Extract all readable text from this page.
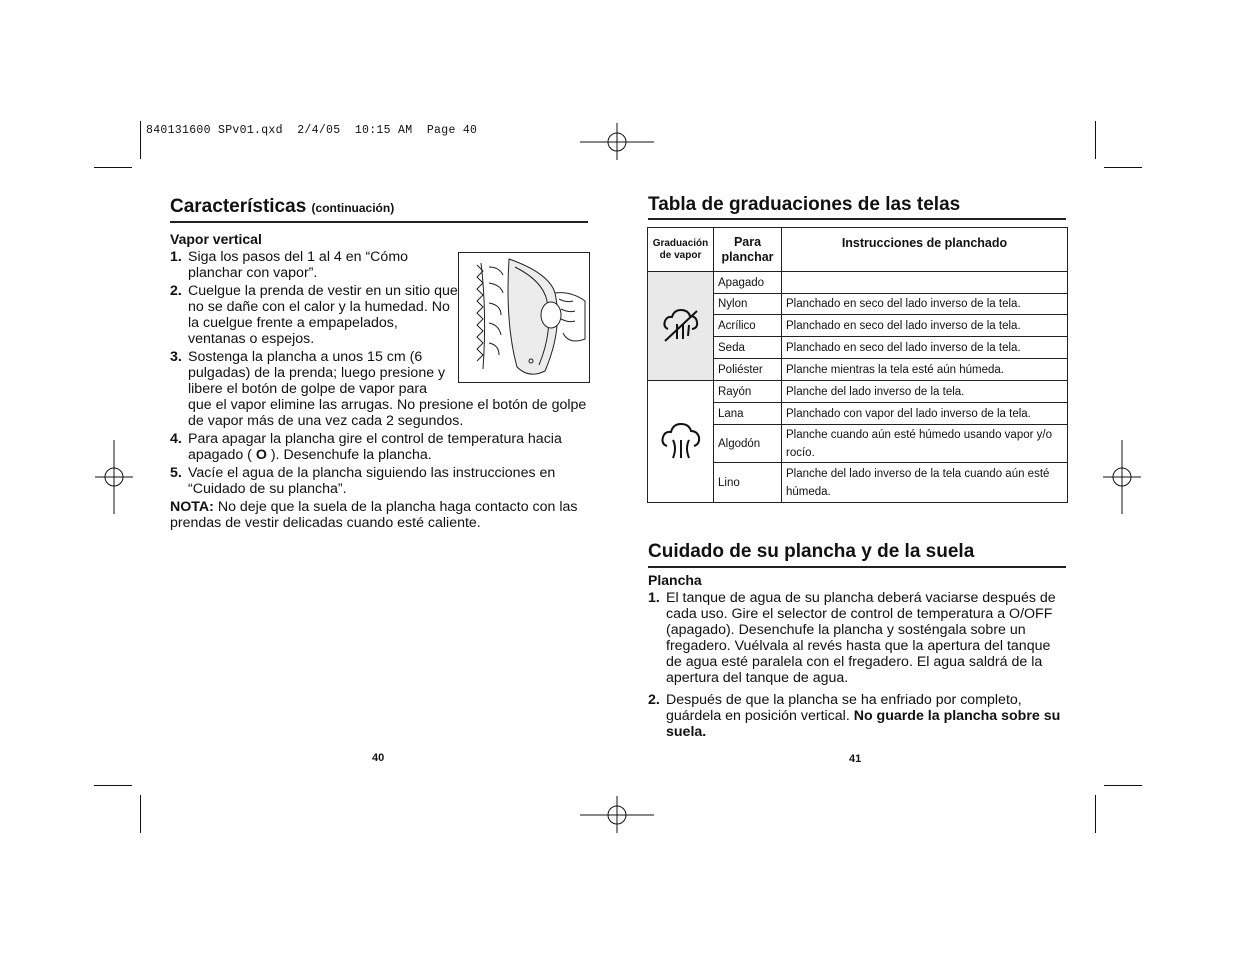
840131600 SPv01.qxd  2/4/05  10:15 AM  Page 40
Características (continuación)
Vapor vertical
1. Siga los pasos del 1 al 4 en “Cómo planchar con vapor”.
2. Cuelgue la prenda de vestir en un sitio que no se dañe con el calor y la humedad. No la cuelgue frente a empapelados, ventanas o espejos.
3. Sostenga la plancha a unos 15 cm (6 pulgadas) de la prenda; luego presione y libere el botón de golpe de vapor para
que el vapor elimine las arrugas. No presione el botón de golpe de vapor más de una vez cada 2 segundos.
4. Para apagar la plancha gire el control de temperatura hacia apagado ( O ). Desenchufe la plancha.
5. Vacíe el agua de la plancha siguiendo las instrucciones en “Cuidado de su plancha”.
NOTA: No deje que la suela de la plancha haga contacto con las prendas de vestir delicadas cuando esté caliente.
40
Tabla de graduaciones de las telas
Graduación de vapor	Para planchar	Instrucciones de planchado
	Apagado	
	Nylon	Planchado en seco del lado inverso de la tela.
	Acrílico	Planchado en seco del lado inverso de la tela.
	Seda	Planchado en seco del lado inverso de la tela.
	Poliéster	Planche mientras la tela esté aún húmeda.
	Rayón	Planche del lado inverso de la tela.
	Lana	Planchado con vapor del lado inverso de la tela.
	Algodón	Planche cuando aún esté húmedo usando vapor y/o rocío.
	Lino	Planche del lado inverso de la tela cuando aún esté húmeda.
Cuidado de su plancha y de la suela
Plancha
1. El tanque de agua de su plancha deberá vaciarse después de cada uso. Gire el selector de control de temperatura a O/OFF (apagado). Desenchufe la plancha y sosténgala sobre un fregadero. Vuélvala al revés hasta que la apertura del tanque de agua esté paralela con el fregadero. El agua saldrá de la apertura del tanque de agua.
2. Después de que la plancha se ha enfriado por completo, guárdela en posición vertical. No guarde la plancha sobre su suela.
41
